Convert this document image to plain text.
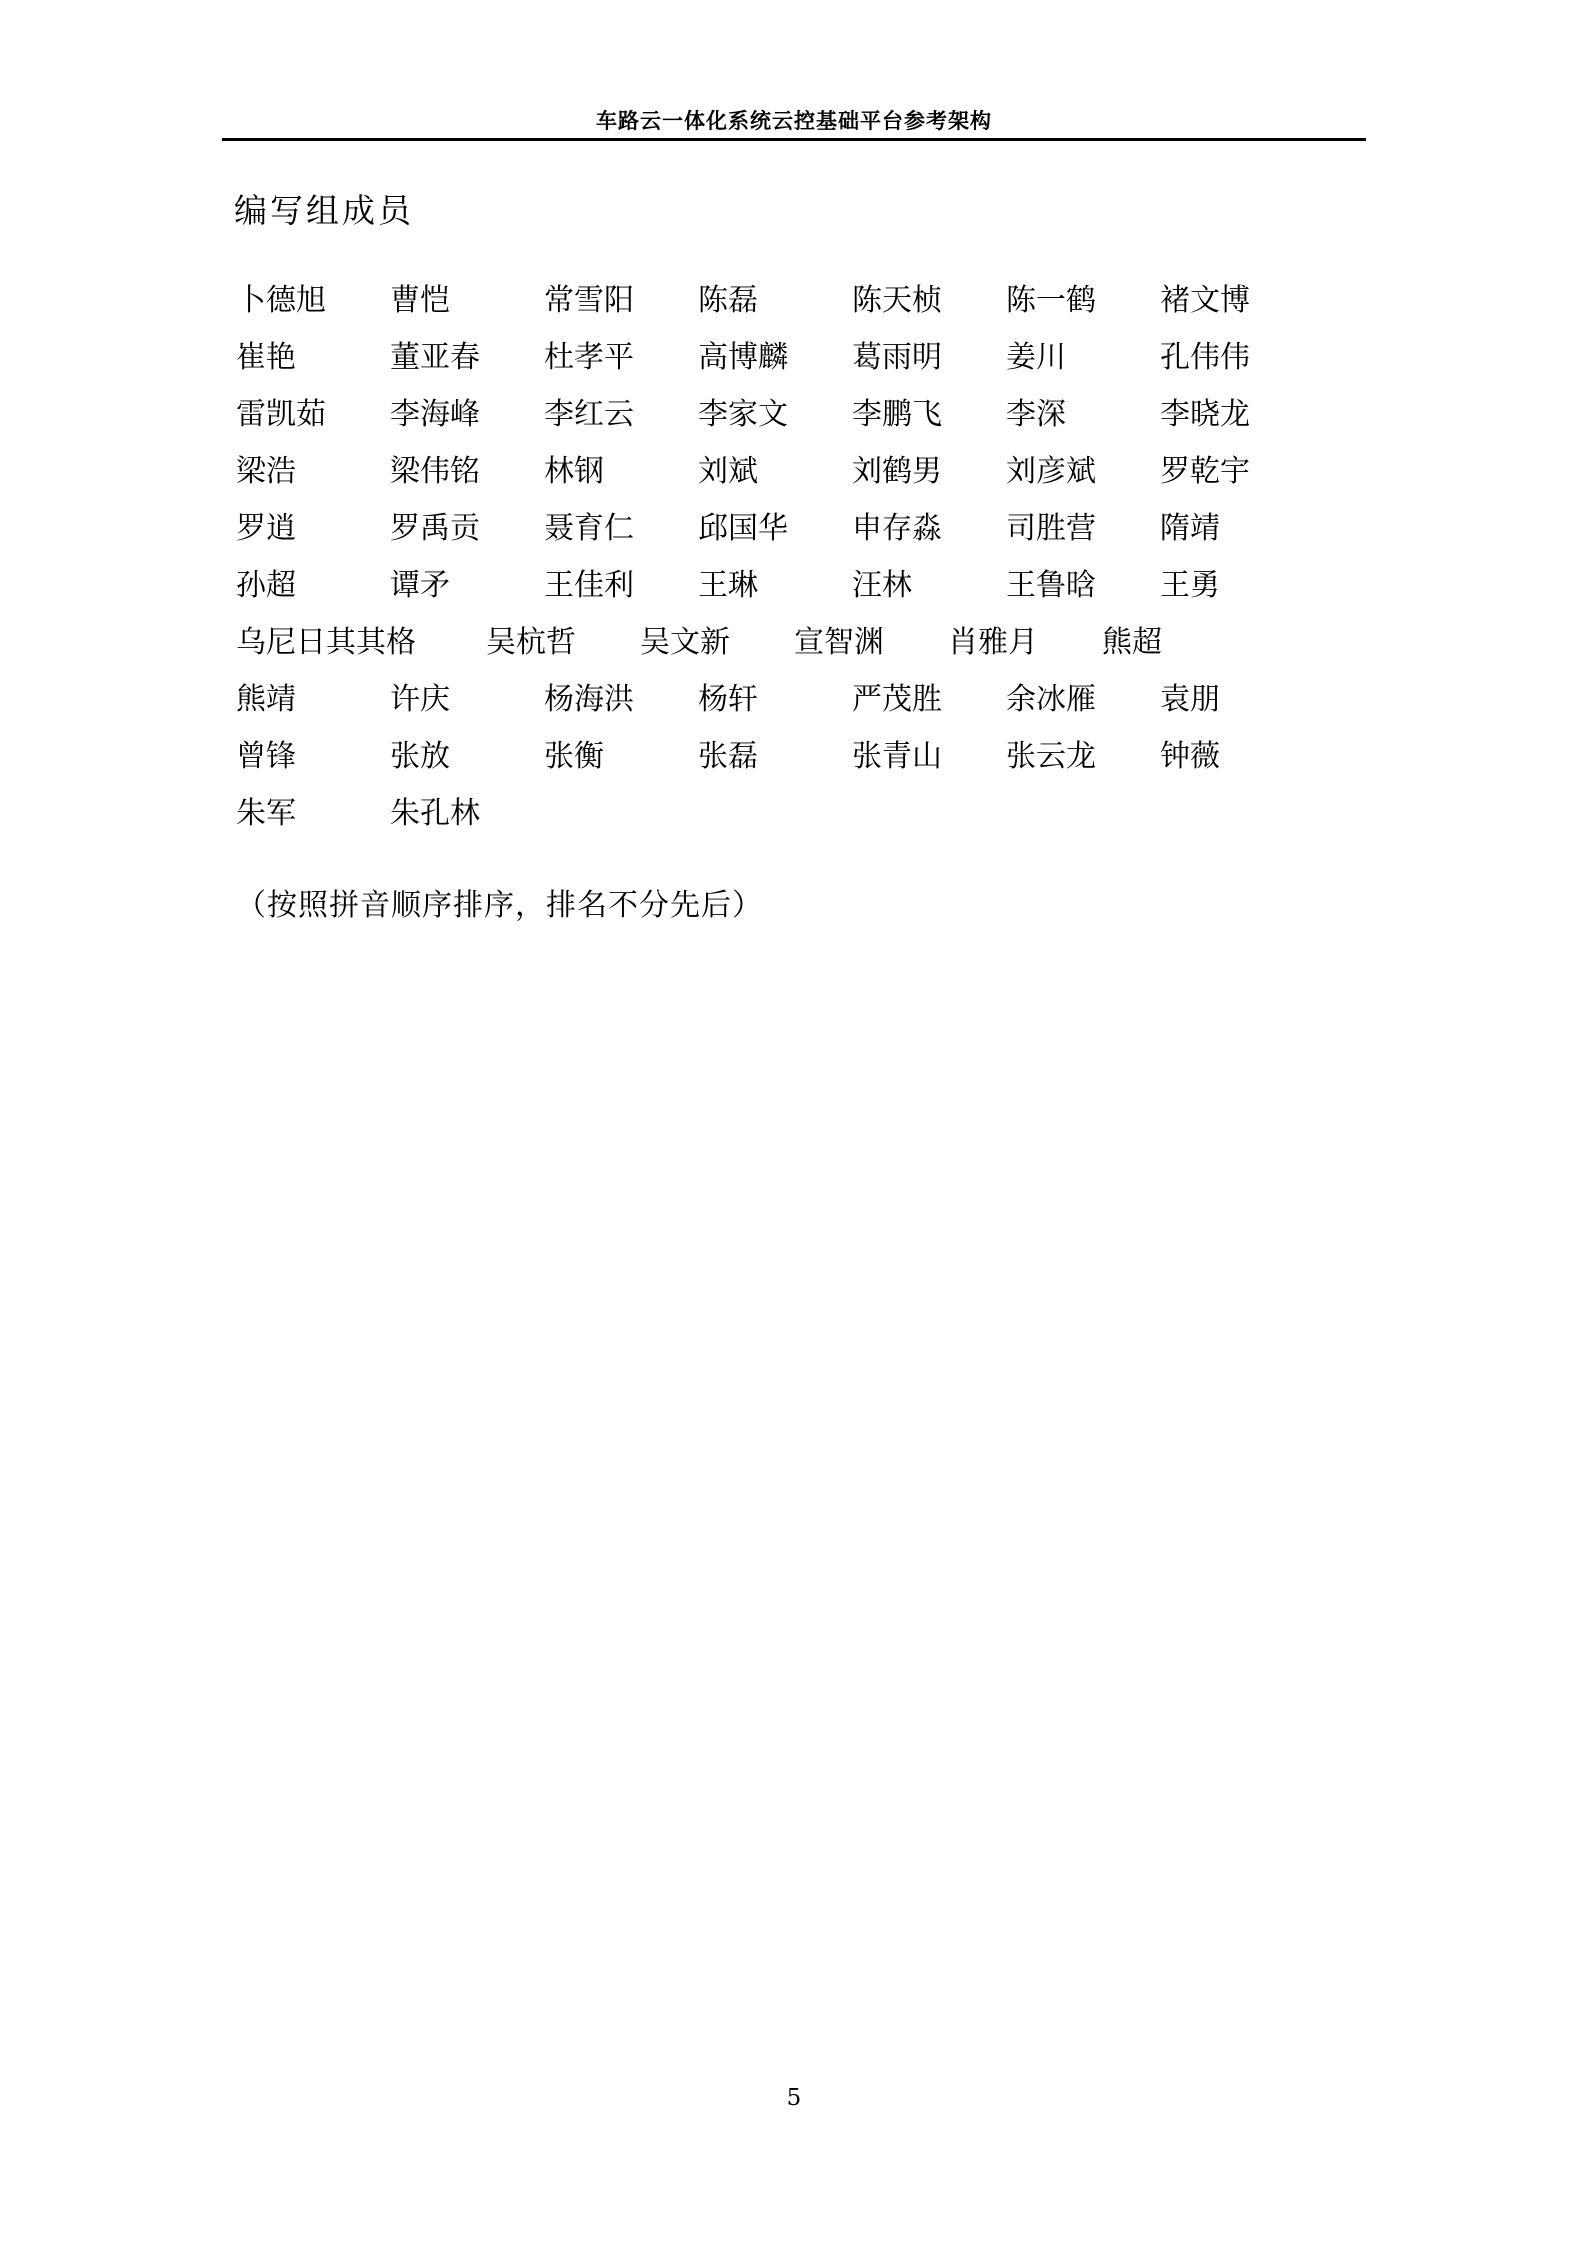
车路云一体化系统云控基础平台参考架构
编写组成员
卜德旭 曹恺	常雪阳 陈磊	陈天桢 陈一鹤 褚文博
崔艳	董亚春 杜孝平 高博麟 葛雨明 姜川	孔伟伟
雷凯茹 李海峰 李红云 李家文 李鹏飞 李深	李晓龙
梁浩	梁伟铭 林钢	刘斌	刘鹤男 刘彦斌 罗乾宇
罗逍	罗禹贡 聂育仁 邱国华 申存淼 司胜营 隋靖
孙超	谭矛	王佳利 王琳	汪林	王鲁晗 王勇
乌尼日其其格 吴杭哲 吴文新 宣智渊 肖雅月 熊超
熊靖	许庆	杨海洪 杨轩	严茂胜 余冰雁 袁朋
曾锋	张放	张衡	张磊	张青山 张云龙 钟薇
朱军	朱孔林
（按照拼音顺序排序，排名不分先后）
5
